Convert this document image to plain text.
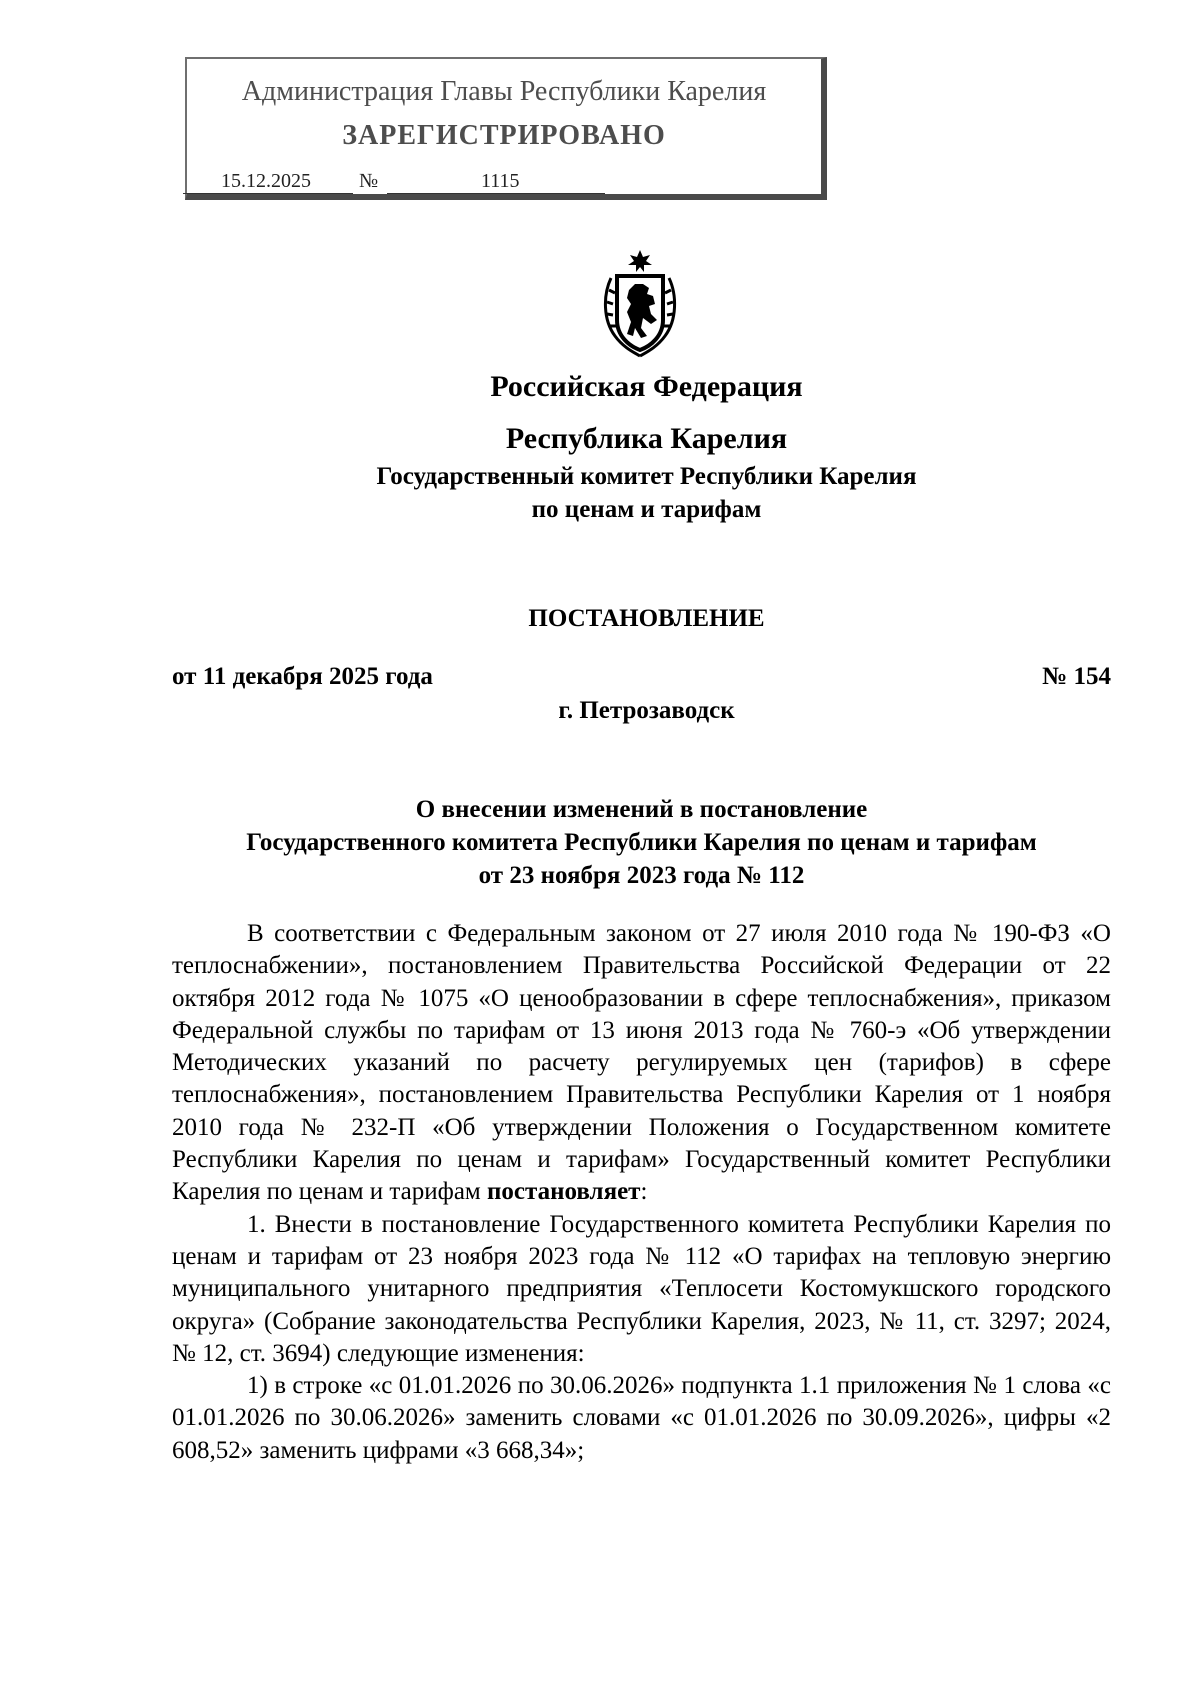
Администрация Главы Республики Карелия
ЗАРЕГИСТРИРОВАНО
15.12.2025	№	1115
Российская Федерация
Республика Карелия
Государственный комитет Республики Карелия
по ценам и тарифам
ПОСТАНОВЛЕНИЕ
от 11 декабря 2025 года	№ 154
г. Петрозаводск
О внесении изменений в постановление
Государственного комитета Республики Карелия по ценам и тарифам
от 23 ноября 2023 года № 112

В соответствии с Федеральным законом от 27 июля 2010 года № 190-ФЗ «О теплоснабжении», постановлением Правительства Российской Федерации от 22 октября 2012 года № 1075 «О ценообразовании в сфере теплоснабжения», приказом Федеральной службы по тарифам от 13 июня 2013 года № 760-э «Об утверждении Методических указаний по расчету регулируемых цен (тарифов) в сфере теплоснабжения», постановлением Правительства Республики Карелия от 1 ноября 2010 года № 232-П «Об утверждении Положения о Государственном комитете Республики Карелия по ценам и тарифам» Государственный комитет Республики Карелия по ценам и тарифам постановляет:

1. Внести в постановление Государственного комитета Республики Карелия по ценам и тарифам от 23 ноября 2023 года № 112 «О тарифах на тепловую энергию муниципального унитарного предприятия «Теплосети Костомукшского городского округа» (Собрание законодательства Республики Карелия, 2023, № 11, ст. 3297; 2024, № 12, ст. 3694) следующие изменения:

1) в строке «с 01.01.2026 по 30.06.2026» подпункта 1.1 приложения № 1 слова «с 01.01.2026 по 30.06.2026» заменить словами «с 01.01.2026 по 30.09.2026», цифры «2 608,52» заменить цифрами «3 668,34»;
